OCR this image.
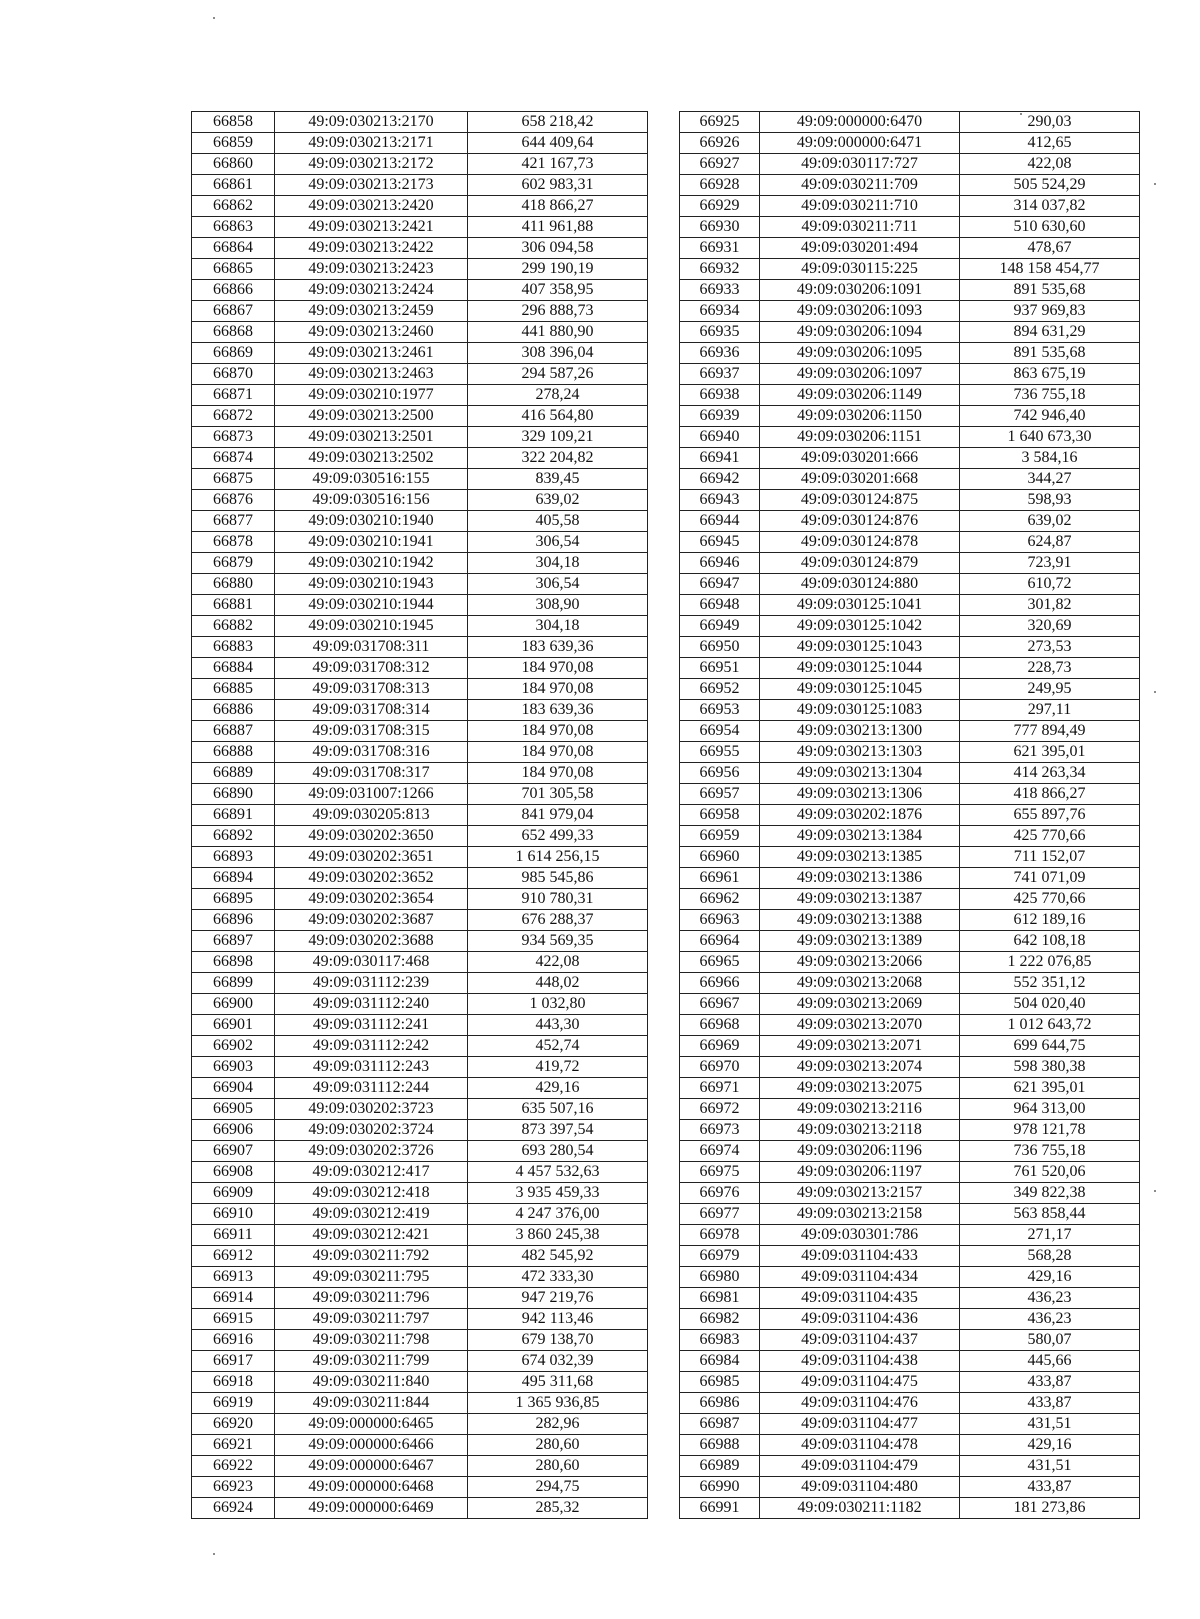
66858	49:09:030213:2170	658 218,42
66859	49:09:030213:2171	644 409,64
66860	49:09:030213:2172	421 167,73
66861	49:09:030213:2173	602 983,31
66862	49:09:030213:2420	418 866,27
66863	49:09:030213:2421	411 961,88
66864	49:09:030213:2422	306 094,58
66865	49:09:030213:2423	299 190,19
66866	49:09:030213:2424	407 358,95
66867	49:09:030213:2459	296 888,73
66868	49:09:030213:2460	441 880,90
66869	49:09:030213:2461	308 396,04
66870	49:09:030213:2463	294 587,26
66871	49:09:030210:1977	278,24
66872	49:09:030213:2500	416 564,80
66873	49:09:030213:2501	329 109,21
66874	49:09:030213:2502	322 204,82
66875	49:09:030516:155	839,45
66876	49:09:030516:156	639,02
66877	49:09:030210:1940	405,58
66878	49:09:030210:1941	306,54
66879	49:09:030210:1942	304,18
66880	49:09:030210:1943	306,54
66881	49:09:030210:1944	308,90
66882	49:09:030210:1945	304,18
66883	49:09:031708:311	183 639,36
66884	49:09:031708:312	184 970,08
66885	49:09:031708:313	184 970,08
66886	49:09:031708:314	183 639,36
66887	49:09:031708:315	184 970,08
66888	49:09:031708:316	184 970,08
66889	49:09:031708:317	184 970,08
66890	49:09:031007:1266	701 305,58
66891	49:09:030205:813	841 979,04
66892	49:09:030202:3650	652 499,33
66893	49:09:030202:3651	1 614 256,15
66894	49:09:030202:3652	985 545,86
66895	49:09:030202:3654	910 780,31
66896	49:09:030202:3687	676 288,37
66897	49:09:030202:3688	934 569,35
66898	49:09:030117:468	422,08
66899	49:09:031112:239	448,02
66900	49:09:031112:240	1 032,80
66901	49:09:031112:241	443,30
66902	49:09:031112:242	452,74
66903	49:09:031112:243	419,72
66904	49:09:031112:244	429,16
66905	49:09:030202:3723	635 507,16
66906	49:09:030202:3724	873 397,54
66907	49:09:030202:3726	693 280,54
66908	49:09:030212:417	4 457 532,63
66909	49:09:030212:418	3 935 459,33
66910	49:09:030212:419	4 247 376,00
66911	49:09:030212:421	3 860 245,38
66912	49:09:030211:792	482 545,92
66913	49:09:030211:795	472 333,30
66914	49:09:030211:796	947 219,76
66915	49:09:030211:797	942 113,46
66916	49:09:030211:798	679 138,70
66917	49:09:030211:799	674 032,39
66918	49:09:030211:840	495 311,68
66919	49:09:030211:844	1 365 936,85
66920	49:09:000000:6465	282,96
66921	49:09:000000:6466	280,60
66922	49:09:000000:6467	280,60
66923	49:09:000000:6468	294,75
66924	49:09:000000:6469	285,32
66925	49:09:000000:6470	290,03
66926	49:09:000000:6471	412,65
66927	49:09:030117:727	422,08
66928	49:09:030211:709	505 524,29
66929	49:09:030211:710	314 037,82
66930	49:09:030211:711	510 630,60
66931	49:09:030201:494	478,67
66932	49:09:030115:225	148 158 454,77
66933	49:09:030206:1091	891 535,68
66934	49:09:030206:1093	937 969,83
66935	49:09:030206:1094	894 631,29
66936	49:09:030206:1095	891 535,68
66937	49:09:030206:1097	863 675,19
66938	49:09:030206:1149	736 755,18
66939	49:09:030206:1150	742 946,40
66940	49:09:030206:1151	1 640 673,30
66941	49:09:030201:666	3 584,16
66942	49:09:030201:668	344,27
66943	49:09:030124:875	598,93
66944	49:09:030124:876	639,02
66945	49:09:030124:878	624,87
66946	49:09:030124:879	723,91
66947	49:09:030124:880	610,72
66948	49:09:030125:1041	301,82
66949	49:09:030125:1042	320,69
66950	49:09:030125:1043	273,53
66951	49:09:030125:1044	228,73
66952	49:09:030125:1045	249,95
66953	49:09:030125:1083	297,11
66954	49:09:030213:1300	777 894,49
66955	49:09:030213:1303	621 395,01
66956	49:09:030213:1304	414 263,34
66957	49:09:030213:1306	418 866,27
66958	49:09:030202:1876	655 897,76
66959	49:09:030213:1384	425 770,66
66960	49:09:030213:1385	711 152,07
66961	49:09:030213:1386	741 071,09
66962	49:09:030213:1387	425 770,66
66963	49:09:030213:1388	612 189,16
66964	49:09:030213:1389	642 108,18
66965	49:09:030213:2066	1 222 076,85
66966	49:09:030213:2068	552 351,12
66967	49:09:030213:2069	504 020,40
66968	49:09:030213:2070	1 012 643,72
66969	49:09:030213:2071	699 644,75
66970	49:09:030213:2074	598 380,38
66971	49:09:030213:2075	621 395,01
66972	49:09:030213:2116	964 313,00
66973	49:09:030213:2118	978 121,78
66974	49:09:030206:1196	736 755,18
66975	49:09:030206:1197	761 520,06
66976	49:09:030213:2157	349 822,38
66977	49:09:030213:2158	563 858,44
66978	49:09:030301:786	271,17
66979	49:09:031104:433	568,28
66980	49:09:031104:434	429,16
66981	49:09:031104:435	436,23
66982	49:09:031104:436	436,23
66983	49:09:031104:437	580,07
66984	49:09:031104:438	445,66
66985	49:09:031104:475	433,87
66986	49:09:031104:476	433,87
66987	49:09:031104:477	431,51
66988	49:09:031104:478	429,16
66989	49:09:031104:479	431,51
66990	49:09:031104:480	433,87
66991	49:09:030211:1182	181 273,86
